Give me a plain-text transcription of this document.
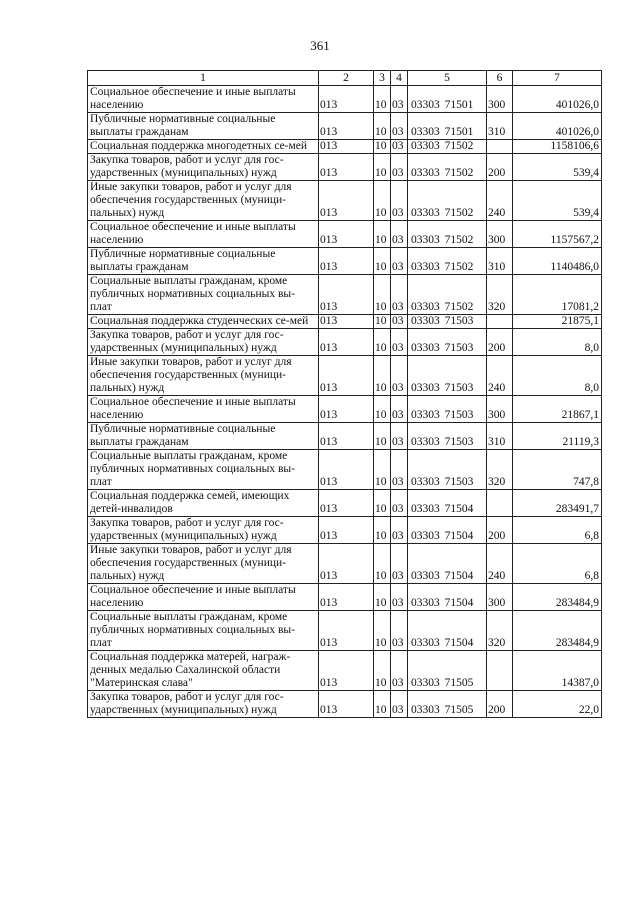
361
1	2	3	4	5	6	7
Социальное обеспечение и иные выплаты населению	013	10	03	03303 71501	300	401026,0
Публичные нормативные социальные выплаты гражданам	013	10	03	03303 71501	310	401026,0
Социальная поддержка многодетных се-мей	013	10	03	03303 71502		1158106,6
Закупка товаров, работ и услуг для гос-ударственных (муниципальных) нужд	013	10	03	03303 71502	200	539,4
Иные закупки товаров, работ и услуг для обеспечения государственных (муници-пальных) нужд	013	10	03	03303 71502	240	539,4
Социальное обеспечение и иные выплаты населению	013	10	03	03303 71502	300	1157567,2
Публичные нормативные социальные выплаты гражданам	013	10	03	03303 71502	310	1140486,0
Социальные выплаты гражданам, кроме публичных нормативных социальных вы-плат	013	10	03	03303 71502	320	17081,2
Социальная поддержка студенческих се-мей	013	10	03	03303 71503		21875,1
Закупка товаров, работ и услуг для гос-ударственных (муниципальных) нужд	013	10	03	03303 71503	200	8,0
Иные закупки товаров, работ и услуг для обеспечения государственных (муници-пальных) нужд	013	10	03	03303 71503	240	8,0
Социальное обеспечение и иные выплаты населению	013	10	03	03303 71503	300	21867,1
Публичные нормативные социальные выплаты гражданам	013	10	03	03303 71503	310	21119,3
Социальные выплаты гражданам, кроме публичных нормативных социальных вы-плат	013	10	03	03303 71503	320	747,8
Социальная поддержка семей, имеющих детей-инвалидов	013	10	03	03303 71504		283491,7
Закупка товаров, работ и услуг для гос-ударственных (муниципальных) нужд	013	10	03	03303 71504	200	6,8
Иные закупки товаров, работ и услуг для обеспечения государственных (муници-пальных) нужд	013	10	03	03303 71504	240	6,8
Социальное обеспечение и иные выплаты населению	013	10	03	03303 71504	300	283484,9
Социальные выплаты гражданам, кроме публичных нормативных социальных вы-плат	013	10	03	03303 71504	320	283484,9
Социальная поддержка матерей, награж-денных медалью Сахалинской области "Материнская слава"	013	10	03	03303 71505		14387,0
Закупка товаров, работ и услуг для гос-ударственных (муниципальных) нужд	013	10	03	03303 71505	200	22,0
